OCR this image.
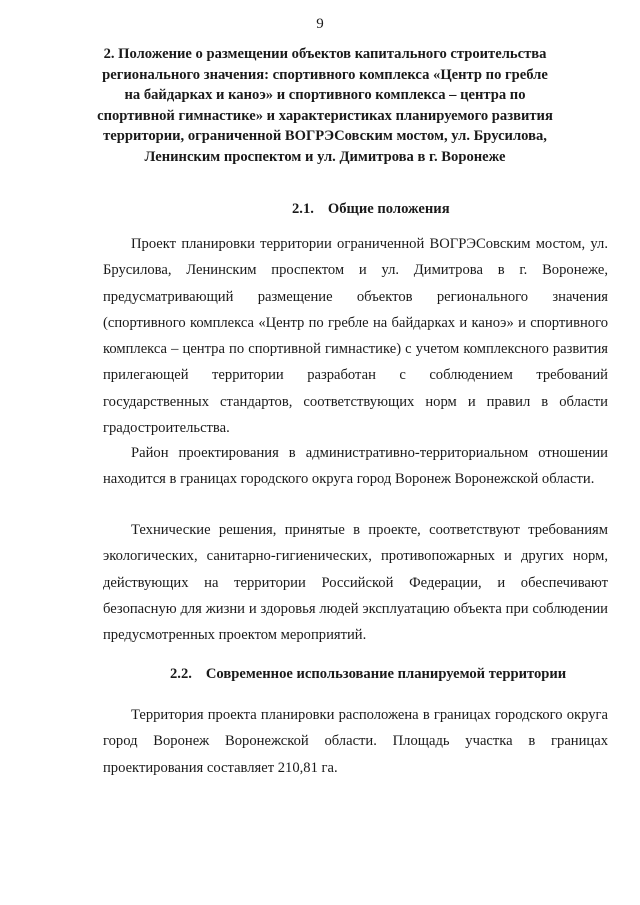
9
2. Положение о размещении объектов капитального строительства регионального значения: спортивного комплекса «Центр по гребле на байдарках и каноэ» и спортивного комплекса – центра по спортивной гимнастике» и характеристиках планируемого развития территории, ограниченной ВОГРЭСовским мостом, ул. Брусилова, Ленинским проспектом и ул. Димитрова в г. Воронеже
2.1. Общие положения

Проект планировки территории ограниченной ВОГРЭСовским мостом, ул. Брусилова, Ленинским проспектом и ул. Димитрова в г. Воронеже, предусматривающий размещение объектов регионального значения (спортивного комплекса «Центр по гребле на байдарках и каноэ» и спортивного комплекса – центра по спортивной гимнастике) с учетом комплексного развития прилегающей территории разработан с соблюдением требований государственных стандартов, соответствующих норм и правил в области градостроительства.

Район проектирования в административно-территориальном отношении находится в границах городского округа город Воронеж Воронежской области.

Технические решения, принятые в проекте, соответствуют требованиям экологических, санитарно-гигиенических, противопожарных и других норм, действующих на территории Российской Федерации, и обеспечивают безопасную для жизни и здоровья людей эксплуатацию объекта при соблюдении предусмотренных проектом мероприятий.

2.2. Современное использование планируемой территории

Территория проекта планировки расположена в границах городского округа город Воронеж Воронежской области. Площадь участка в границах проектирования составляет 210,81 га.
